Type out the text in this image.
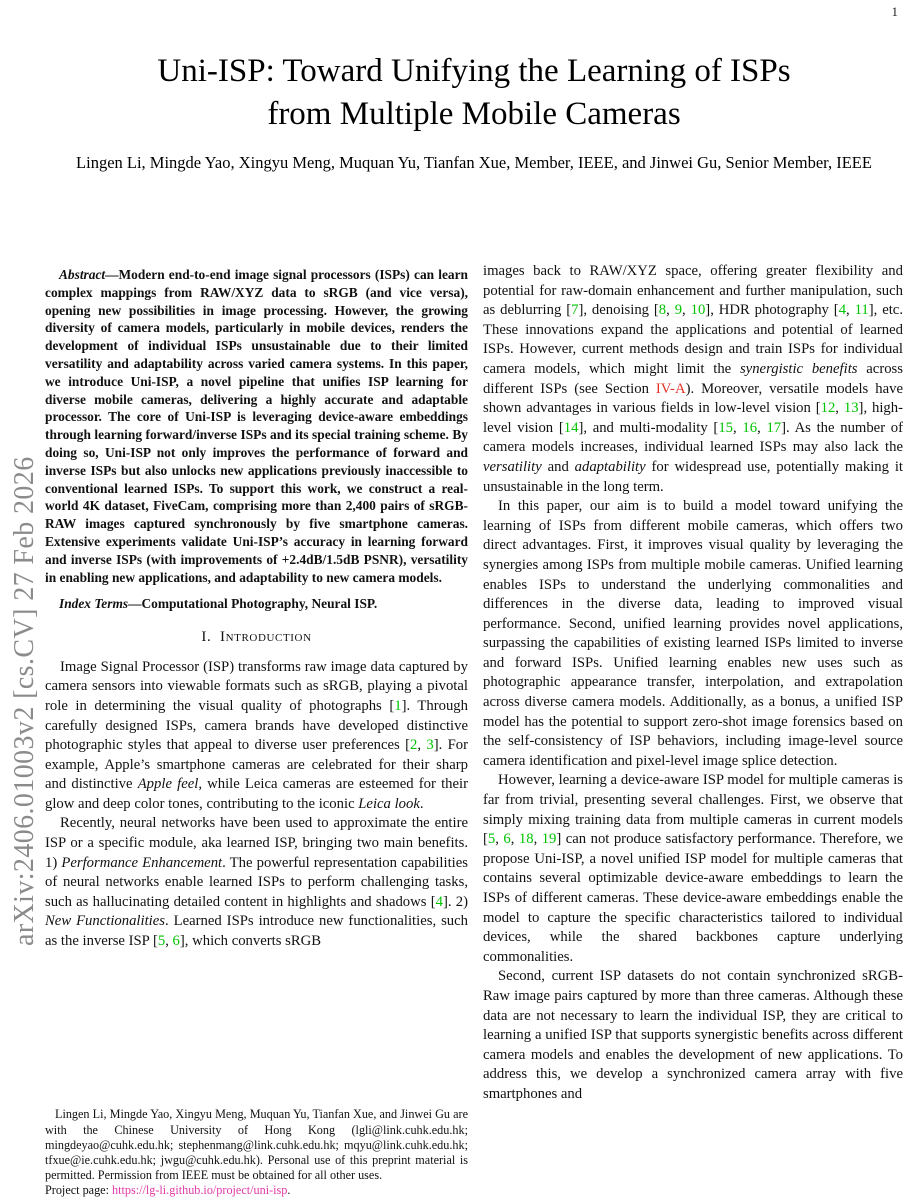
1
arXiv:2406.01003v2 [cs.CV] 27 Feb 2026
Uni-ISP: Toward Unifying the Learning of ISPs
from Multiple Mobile Cameras
Lingen Li, Mingde Yao, Xingyu Meng, Muquan Yu, Tianfan Xue, Member, IEEE, and Jinwei Gu, Senior Member, IEEE

Abstract—Modern end-to-end image signal processors (ISPs) can learn complex mappings from RAW/XYZ data to sRGB (and vice versa), opening new possibilities in image processing. However, the growing diversity of camera models, particularly in mobile devices, renders the development of individual ISPs unsustainable due to their limited versatility and adaptability across varied camera systems. In this paper, we introduce Uni-ISP, a novel pipeline that unifies ISP learning for diverse mobile cameras, delivering a highly accurate and adaptable processor. The core of Uni-ISP is leveraging device-aware embeddings through learning forward/inverse ISPs and its special training scheme. By doing so, Uni-ISP not only improves the performance of forward and inverse ISPs but also unlocks new applications previously inaccessible to conventional learned ISPs. To support this work, we construct a real-world 4K dataset, FiveCam, comprising more than 2,400 pairs of sRGB-RAW images captured synchronously by five smartphone cameras. Extensive experiments validate Uni-ISP’s accuracy in learning forward and inverse ISPs (with improvements of +2.4dB/1.5dB PSNR), versatility in enabling new applications, and adaptability to new camera models.

Index Terms—Computational Photography, Neural ISP.

I.  Introduction

Image Signal Processor (ISP) transforms raw image data captured by camera sensors into viewable formats such as sRGB, playing a pivotal role in determining the visual quality of photographs [1]. Through carefully designed ISPs, camera brands have developed distinctive photographic styles that appeal to diverse user preferences [2, 3]. For example, Apple’s smartphone cameras are celebrated for their sharp and distinctive Apple feel, while Leica cameras are esteemed for their glow and deep color tones, contributing to the iconic Leica look.

Recently, neural networks have been used to approximate the entire ISP or a specific module, aka learned ISP, bringing two main benefits. 1) Performance Enhancement. The powerful representation capabilities of neural networks enable learned ISPs to perform challenging tasks, such as hallucinating detailed content in highlights and shadows [4]. 2) New Functionalities. Learned ISPs introduce new functionalities, such as the inverse ISP [5, 6], which converts sRGB

Lingen Li, Mingde Yao, Xingyu Meng, Muquan Yu, Tianfan Xue, and Jinwei Gu are with the Chinese University of Hong Kong (lgli@link.cuhk.edu.hk; mingdeyao@cuhk.edu.hk; stephenmang@link.cuhk.edu.hk; mqyu@link.cuhk.edu.hk; tfxue@ie.cuhk.edu.hk; jwgu@cuhk.edu.hk). Personal use of this preprint material is permitted. Permission from IEEE must be obtained for all other uses.

Project page: https://lg-li.github.io/project/uni-isp.

images back to RAW/XYZ space, offering greater flexibility and potential for raw-domain enhancement and further manipulation, such as deblurring [7], denoising [8, 9, 10], HDR photography [4, 11], etc. These innovations expand the applications and potential of learned ISPs. However, current methods design and train ISPs for individual camera models, which might limit the synergistic benefits across different ISPs (see Section IV-A). Moreover, versatile models have shown advantages in various fields in low-level vision [12, 13], high-level vision [14], and multi-modality [15, 16, 17]. As the number of camera models increases, individual learned ISPs may also lack the versatility and adaptability for widespread use, potentially making it unsustainable in the long term.

In this paper, our aim is to build a model toward unifying the learning of ISPs from different mobile cameras, which offers two direct advantages. First, it improves visual quality by leveraging the synergies among ISPs from multiple mobile cameras. Unified learning enables ISPs to understand the underlying commonalities and differences in the diverse data, leading to improved visual performance. Second, unified learning provides novel applications, surpassing the capabilities of existing learned ISPs limited to inverse and forward ISPs. Unified learning enables new uses such as photographic appearance transfer, interpolation, and extrapolation across diverse camera models. Additionally, as a bonus, a unified ISP model has the potential to support zero-shot image forensics based on the self-consistency of ISP behaviors, including image-level source camera identification and pixel-level image splice detection.

However, learning a device-aware ISP model for multiple cameras is far from trivial, presenting several challenges. First, we observe that simply mixing training data from multiple cameras in current models [5, 6, 18, 19] can not produce satisfactory performance. Therefore, we propose Uni-ISP, a novel unified ISP model for multiple cameras that contains several optimizable device-aware embeddings to learn the ISPs of different cameras. These device-aware embeddings enable the model to capture the specific characteristics tailored to individual devices, while the shared backbones capture underlying commonalities.

Second, current ISP datasets do not contain synchronized sRGB-Raw image pairs captured by more than three cameras. Although these data are not necessary to learn the individual ISP, they are critical to learning a unified ISP that supports synergistic benefits across different camera models and enables the development of new applications. To address this, we develop a synchronized camera array with five smartphones and
